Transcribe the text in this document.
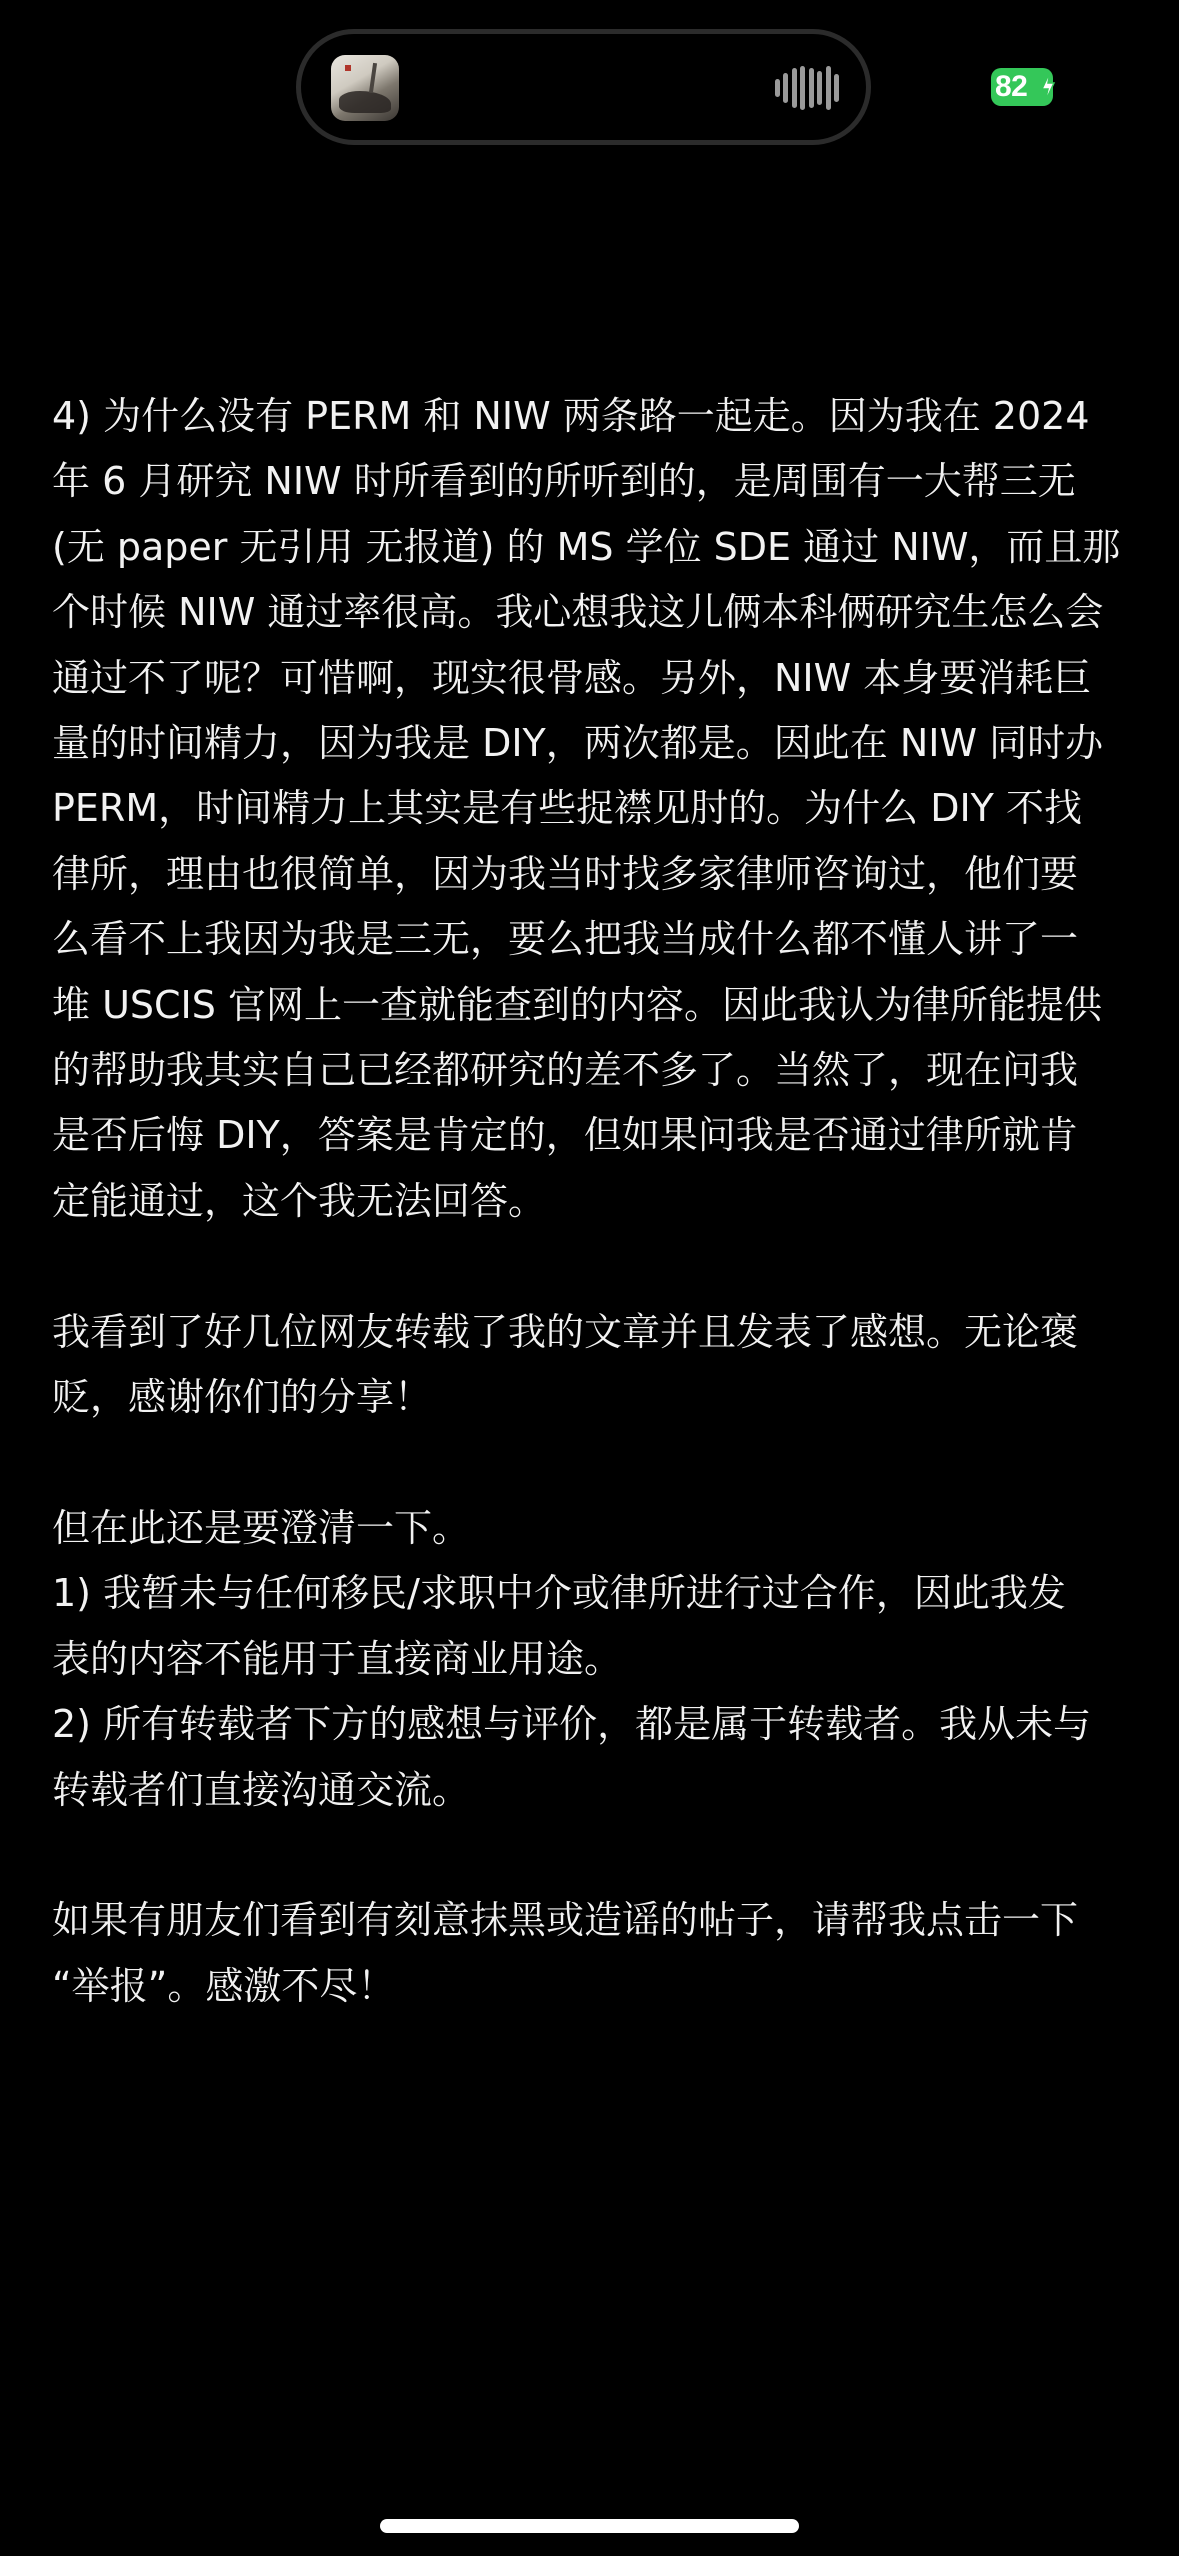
82

4) 为什么没有 PERM 和 NIW 两条路一起走。因为我在 2024
年 6 月研究 NIW 时所看到的所听到的，是周围有一大帮三无
(无 paper 无引用 无报道) 的 MS 学位 SDE 通过 NIW，而且那
个时候 NIW 通过率很高。我心想我这儿俩本科俩研究生怎么会
通过不了呢？可惜啊，现实很骨感。另外，NIW 本身要消耗巨
量的时间精力，因为我是 DIY，两次都是。因此在 NIW 同时办
PERM，时间精力上其实是有些捉襟见肘的。为什么 DIY 不找
律所，理由也很简单，因为我当时找多家律师咨询过，他们要
么看不上我因为我是三无，要么把我当成什么都不懂人讲了一
堆 USCIS 官网上一查就能查到的内容。因此我认为律所能提供
的帮助我其实自己已经都研究的差不多了。当然了，现在问我
是否后悔 DIY，答案是肯定的，但如果问我是否通过律所就肯
定能通过，这个我无法回答。

我看到了好几位网友转载了我的文章并且发表了感想。无论褒
贬，感谢你们的分享！

但在此还是要澄清一下。
1) 我暂未与任何移民/求职中介或律所进行过合作，因此我发
表的内容不能用于直接商业用途。
2) 所有转载者下方的感想与评价，都是属于转载者。我从未与
转载者们直接沟通交流。

如果有朋友们看到有刻意抹黑或造谣的帖子，请帮我点击一下
“举报”。感激不尽！
